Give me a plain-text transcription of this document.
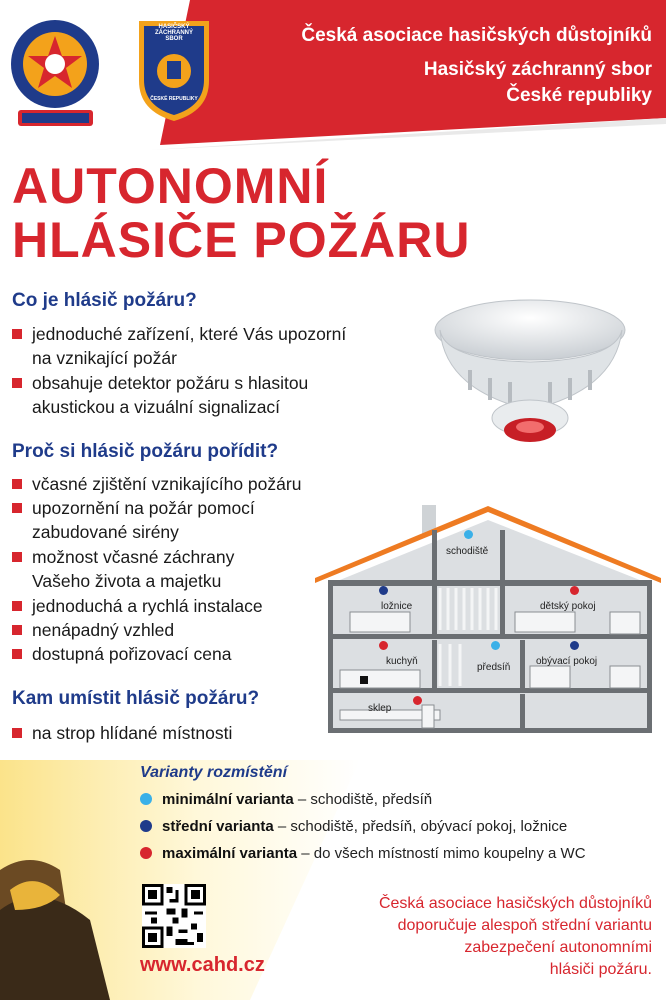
HASIČSKÝ ZÁCHRANNÝ SBOR
ČESKÉ REPUBLIKY
Česká asociace hasičských důstojníků
Hasičský záchranný sbor
České republiky
AUTONOMNÍ
HLÁSIČE POŽÁRU
Co je hlásič požáru?
jednoduché zařízení, které Vás upozorní
na vznikající požár
obsahuje detektor požáru s hlasitou
akustickou a vizuální signalizací
Proč si hlásič požáru pořídit?
včasné zjištění vznikajícího požáru
upozornění na požár pomocí
zabudované sirény
možnost včasné záchrany
Vašeho života a majetku
jednoduchá a rychlá instalace
nenápadný vzhled
dostupná pořizovací cena
Kam umístit hlásič požáru?
na strop hlídané místnosti
schodiště
ložnice	dětský pokoj
kuchyň
předsíň
obývací pokoj
sklep
Varianty rozmístění
minimální varianta – schodiště, předsíň
střední varianta – schodiště, předsíň, obývací pokoj, ložnice
maximální varianta – do všech místností mimo koupelny a WC
www.cahd.cz
Česká asociace hasičských důstojníků
doporučuje alespoň střední variantu
zabezpečení autonomními
hlásiči požáru.
